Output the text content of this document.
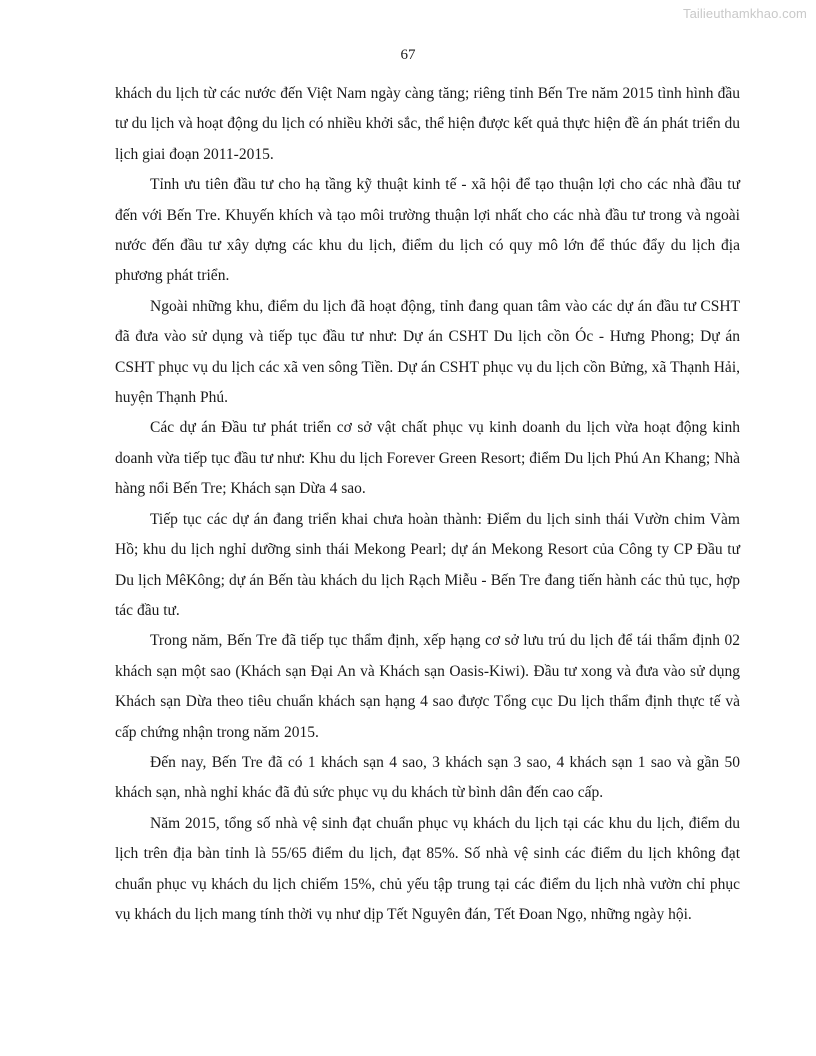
Tailieuthamkhao.com
67

khách du lịch từ các nước đến Việt Nam ngày càng tăng; riêng tỉnh Bến Tre năm 2015 tình hình đầu tư du lịch và hoạt động du lịch có nhiều khởi sắc, thể hiện được kết quả thực hiện đề án phát triển du lịch giai đoạn 2011-2015.

Tỉnh ưu tiên đầu tư cho hạ tầng kỹ thuật kinh tế - xã hội để tạo thuận lợi cho các nhà đầu tư đến với Bến Tre. Khuyến khích và tạo môi trường thuận lợi nhất cho các nhà đầu tư trong và ngoài nước đến đầu tư xây dựng các khu du lịch, điểm du lịch có quy mô lớn để thúc đẩy du lịch địa phương phát triển.

Ngoài những khu, điểm du lịch đã hoạt động, tỉnh đang quan tâm vào các dự án đầu tư CSHT đã đưa vào sử dụng và tiếp tục đầu tư như: Dự án CSHT Du lịch cồn Óc - Hưng Phong; Dự án CSHT phục vụ du lịch các xã ven sông Tiền. Dự án CSHT phục vụ du lịch cồn Bửng, xã Thạnh Hải, huyện Thạnh Phú.

Các dự án Đầu tư phát triển cơ sở vật chất phục vụ kinh doanh du lịch vừa hoạt động kinh doanh vừa tiếp tục đầu tư như: Khu du lịch Forever Green Resort; điểm Du lịch Phú An Khang; Nhà hàng nổi Bến Tre; Khách sạn Dừa 4 sao.

Tiếp tục các dự án đang triển khai chưa hoàn thành: Điểm du lịch sinh thái Vườn chim Vàm Hồ; khu du lịch nghỉ dưỡng sinh thái Mekong Pearl; dự án Mekong Resort của Công ty CP Đầu tư Du lịch MêKông; dự án Bến tàu khách du lịch Rạch Miễu - Bến Tre đang tiến hành các thủ tục, hợp tác đầu tư.

Trong năm, Bến Tre đã tiếp tục thẩm định, xếp hạng cơ sở lưu trú du lịch để tái thẩm định 02 khách sạn một sao (Khách sạn Đại An và Khách sạn Oasis-Kiwi). Đầu tư xong và đưa vào sử dụng Khách sạn Dừa theo tiêu chuẩn khách sạn hạng 4 sao được Tổng cục Du lịch thẩm định thực tế và cấp chứng nhận trong năm 2015.

Đến nay, Bến Tre đã có 1 khách sạn 4 sao, 3 khách sạn 3 sao, 4 khách sạn 1 sao và gần 50 khách sạn, nhà nghỉ khác đã đủ sức phục vụ du khách từ bình dân đến cao cấp.

Năm 2015, tổng số nhà vệ sinh đạt chuẩn phục vụ khách du lịch tại các khu du lịch, điểm du lịch trên địa bàn tỉnh là 55/65 điểm du lịch, đạt 85%. Số nhà vệ sinh các điểm du lịch không đạt chuẩn phục vụ khách du lịch chiếm 15%, chủ yếu tập trung tại các điểm du lịch nhà vườn chỉ phục vụ khách du lịch mang tính thời vụ như dịp Tết Nguyên đán, Tết Đoan Ngọ, những ngày hội.
